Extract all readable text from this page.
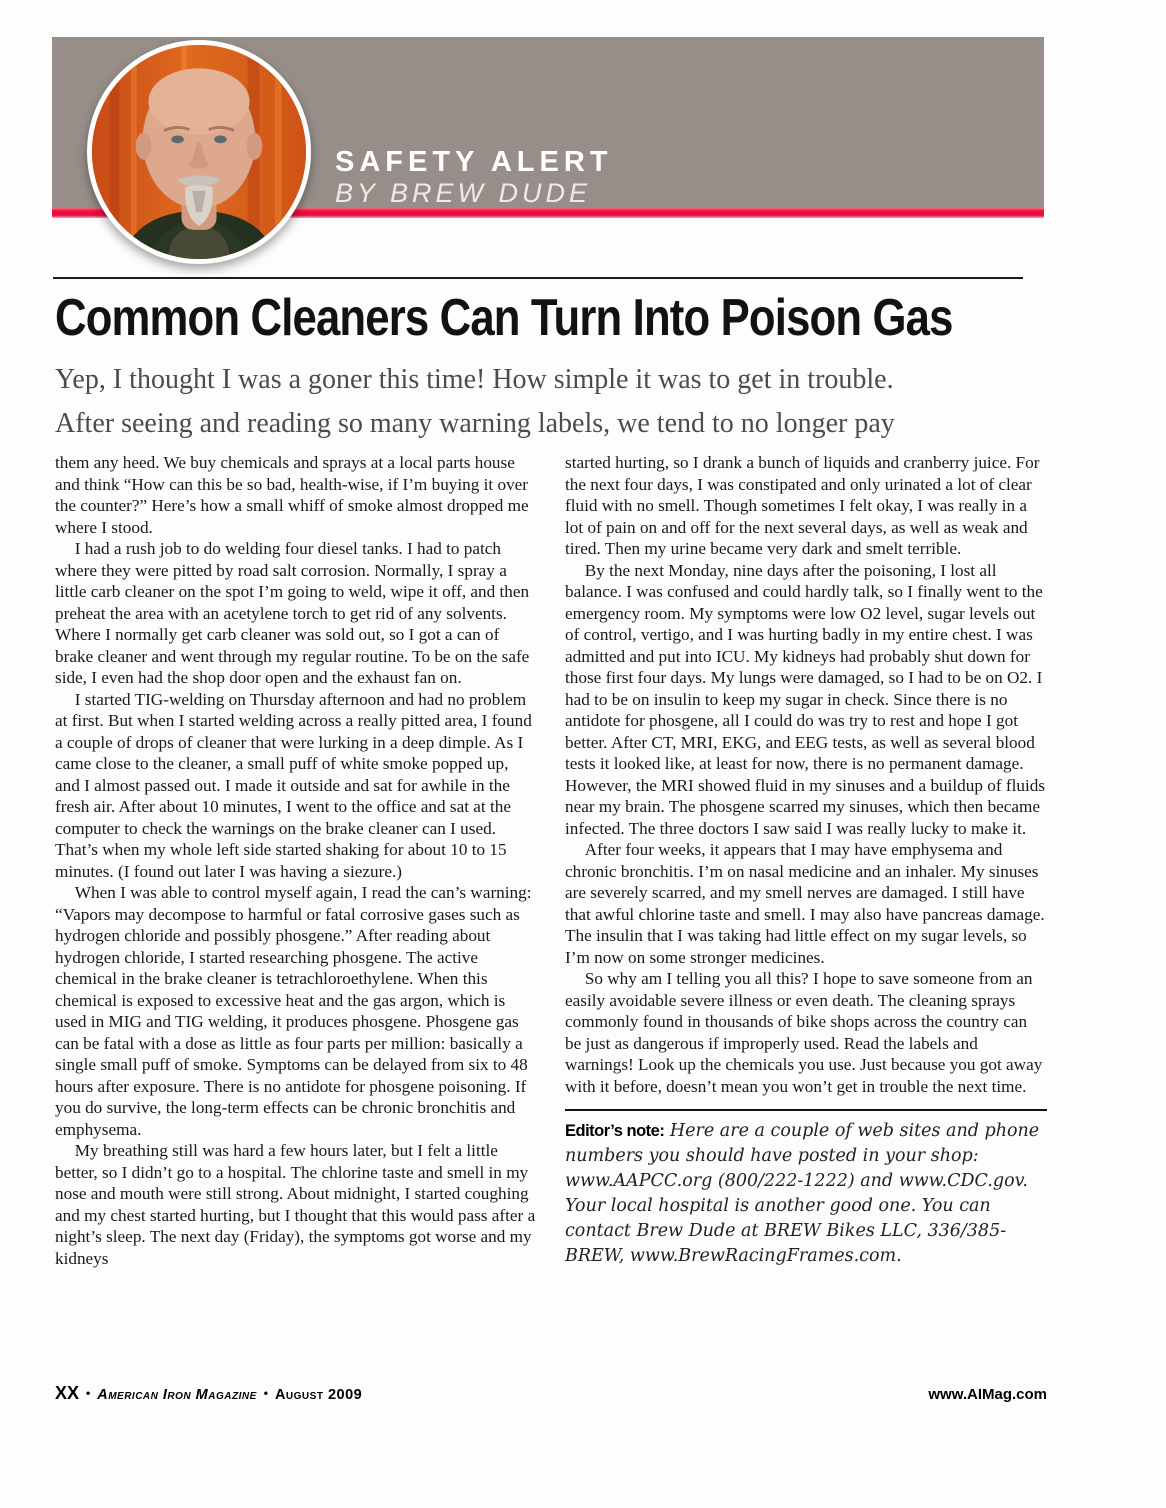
SAFETY ALERT
BY BREW DUDE
Common Cleaners Can Turn Into Poison Gas
Yep, I thought I was a goner this time! How simple it was to get in trouble.
After seeing and reading so many warning labels, we tend to no longer pay

them any heed. We buy chemicals and sprays at a local parts house and think “How can this be so bad, health-wise, if I’m buying it over the counter?” Here’s how a small whiff of smoke almost dropped me where I stood.

I had a rush job to do welding four diesel tanks. I had to patch where they were pitted by road salt corrosion. Normally, I spray a little carb cleaner on the spot I’m going to weld, wipe it off, and then preheat the area with an acetylene torch to get rid of any solvents. Where I normally get carb cleaner was sold out, so I got a can of brake cleaner and went through my regular routine. To be on the safe side, I even had the shop door open and the exhaust fan on.

I started TIG-welding on Thursday afternoon and had no problem at first. But when I started welding across a really pitted area, I found a couple of drops of cleaner that were lurking in a deep dimple. As I came close to the cleaner, a small puff of white smoke popped up, and I almost passed out. I made it outside and sat for awhile in the fresh air. After about 10 minutes, I went to the office and sat at the computer to check the warnings on the brake cleaner can I used. That’s when my whole left side started shaking for about 10 to 15 minutes. (I found out later I was having a siezure.)

When I was able to control myself again, I read the can’s warning: “Vapors may decompose to harmful or fatal corrosive gases such as hydrogen chloride and possibly phosgene.” After reading about hydrogen chloride, I started researching phosgene. The active chemical in the brake cleaner is tetrachloroethylene. When this chemical is exposed to excessive heat and the gas argon, which is used in MIG and TIG welding, it produces phosgene. Phosgene gas can be fatal with a dose as little as four parts per million: basically a single small puff of smoke. Symptoms can be delayed from six to 48 hours after exposure. There is no antidote for phosgene poisoning. If you do survive, the long-term effects can be chronic bronchitis and emphysema.

My breathing still was hard a few hours later, but I felt a little better, so I didn’t go to a hospital. The chlorine taste and smell in my nose and mouth were still strong. About midnight, I started coughing and my chest started hurting, but I thought that this would pass after a night’s sleep. The next day (Friday), the symptoms got worse and my kidneys

started hurting, so I drank a bunch of liquids and cranberry juice. For the next four days, I was constipated and only urinated a lot of clear fluid with no smell. Though sometimes I felt okay, I was really in a lot of pain on and off for the next several days, as well as weak and tired. Then my urine became very dark and smelt terrible.

By the next Monday, nine days after the poisoning, I lost all balance. I was confused and could hardly talk, so I finally went to the emergency room. My symptoms were low O2 level, sugar levels out of control, vertigo, and I was hurting badly in my entire chest. I was admitted and put into ICU. My kidneys had probably shut down for those first four days. My lungs were damaged, so I had to be on O2. I had to be on insulin to keep my sugar in check. Since there is no antidote for phosgene, all I could do was try to rest and hope I got better. After CT, MRI, EKG, and EEG tests, as well as several blood tests it looked like, at least for now, there is no permanent damage. However, the MRI showed fluid in my sinuses and a buildup of fluids near my brain. The phosgene scarred my sinuses, which then became infected. The three doctors I saw said I was really lucky to make it.

After four weeks, it appears that I may have emphysema and chronic bronchitis. I’m on nasal medicine and an inhaler. My sinuses are severely scarred, and my smell nerves are damaged. I still have that awful chlorine taste and smell. I may also have pancreas damage. The insulin that I was taking had little effect on my sugar levels, so I’m now on some stronger medicines.

So why am I telling you all this? I hope to save someone from an easily avoidable severe illness or even death. The cleaning sprays commonly found in thousands of bike shops across the country can be just as dangerous if improperly used. Read the labels and warnings! Look up the chemicals you use. Just because you got away with it before, doesn’t mean you won’t get in trouble the next time.

Editor’s note: Here are a couple of web sites and phone numbers you should have posted in your shop: www.AAPCC.org (800/222-1222) and www.CDC.gov. Your local hospital is another good one. You can contact Brew Dude at BREW Bikes LLC, 336/385-BREW, www.BrewRacingFrames.com.
XX • American Iron Magazine • August 2009	www.AIMag.com
